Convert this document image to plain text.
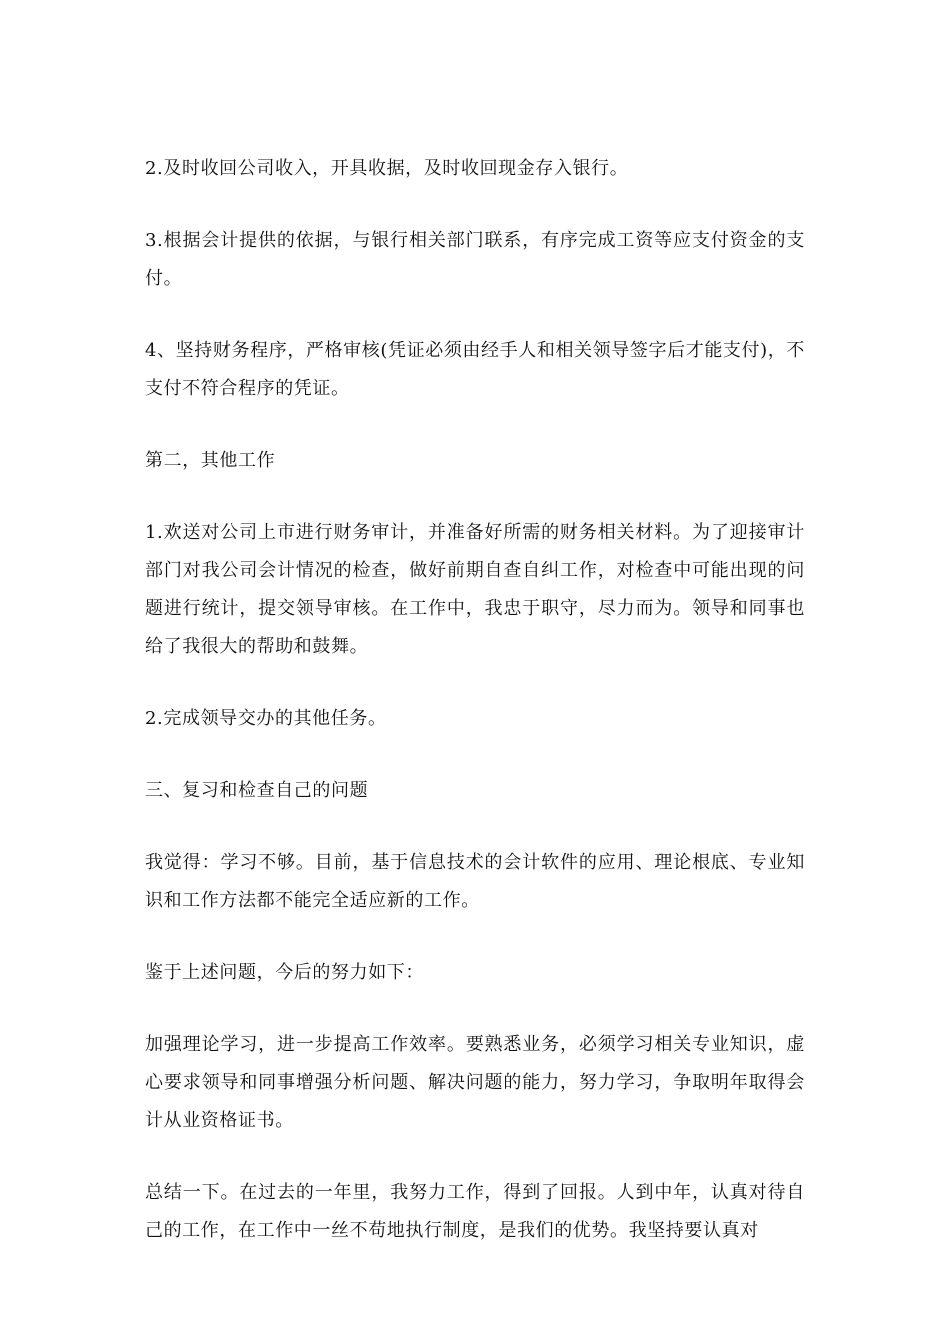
2.及时收回公司收入，开具收据，及时收回现金存入银行。

3.根据会计提供的依据，与银行相关部门联系，有序完成工资等应支付资金的支付。

4、坚持财务程序，严格审核(凭证必须由经手人和相关领导签字后才能支付)，不支付不符合程序的凭证。

第二，其他工作

1.欢送对公司上市进行财务审计，并准备好所需的财务相关材料。为了迎接审计部门对我公司会计情况的检查，做好前期自查自纠工作，对检查中可能出现的问题进行统计，提交领导审核。在工作中，我忠于职守，尽力而为。领导和同事也给了我很大的帮助和鼓舞。

2.完成领导交办的其他任务。

三、复习和检查自己的问题

我觉得：学习不够。目前，基于信息技术的会计软件的应用、理论根底、专业知识和工作方法都不能完全适应新的工作。

鉴于上述问题，今后的努力如下：

加强理论学习，进一步提高工作效率。要熟悉业务，必须学习相关专业知识，虚心要求领导和同事增强分析问题、解决问题的能力，努力学习，争取明年取得会计从业资格证书。

总结一下。在过去的一年里，我努力工作，得到了回报。人到中年，认真对待自己的工作，在工作中一丝不苟地执行制度，是我们的优势。我坚持要认真对
